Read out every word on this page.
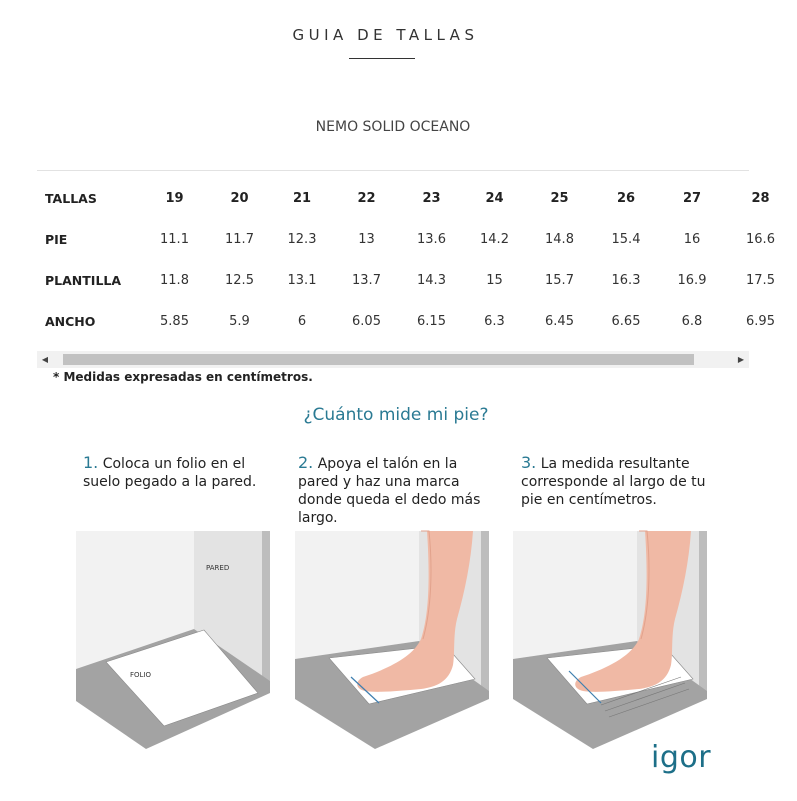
GUIA DE TALLAS
NEMO SOLID OCEANO
TALLAS	19	20	21	22	23	24	25	26	27	28
PIE	11.1	11.7	12.3	13	13.6	14.2	14.8	15.4	16	16.6
PLANTILLA	11.8	12.5	13.1	13.7	14.3	15	15.7	16.3	16.9	17.5
ANCHO	5.85	5.9	6	6.05	6.15	6.3	6.45	6.65	6.8	6.95
◀	▶
* Medidas expresadas en centímetros.
¿Cuánto mide mi pie?
1. Coloca un folio en el suelo pegado a la pared.
2. Apoya el talón en la pared y haz una marca donde queda el dedo más largo.
3. La medida resultante corresponde al largo de tu pie en centímetros.
PARED
FOLIO
igor
